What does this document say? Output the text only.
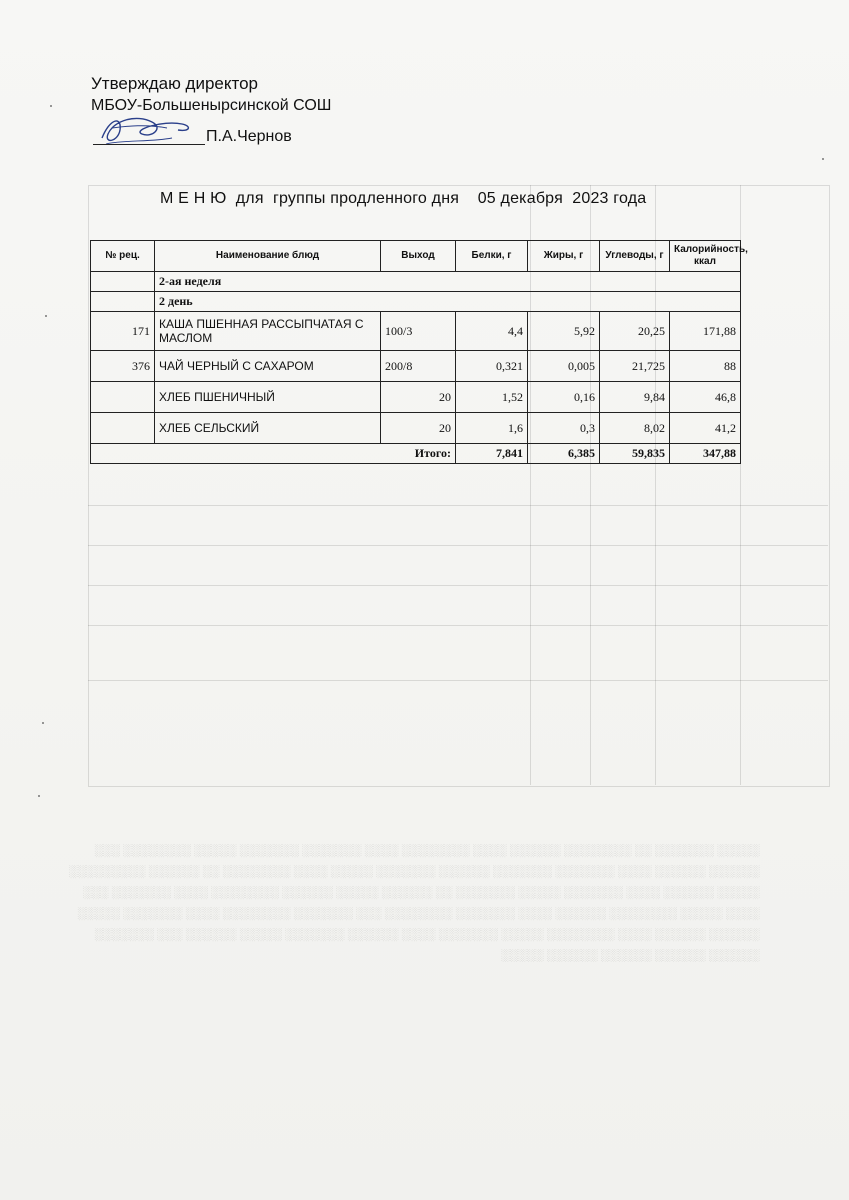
░░░░░ ░░░░░░░ ░░ ░░░░░░░░ ░░░░░░ ░░░░ ░░░░░░░░ ░░░░ ░░░░░░░ ░░░░░░░ ░░░░░ ░░░░░░░░ ░░░ ░░░░░░ ░░░░░░ ░░░░ ░░░░░░░ ░░░░░░░ ░░░░░░ ░░░░░░░ ░░░░░ ░░░░ ░░░░░░░░ ░░ ░░░░░░ ░░░░░░░░░ ░░░░░ ░░░░░░ ░░░░ ░░░░░░░ ░░░░░ ░░░░░░░ ░░ ░░░░░░ ░░░░░ ░░░░░░ ░░░░░░░░ ░░░░ ░░░░░░░ ░░░ ░░░░ ░░░░░ ░░░░░░░░ ░░░░░░ ░░░░ ░░░░░░░ ░░░░░░░░ ░░░ ░░░░░░░ ░░░░░░░░ ░░░░ ░░░░░░░ ░░░░░ ░░░░░░ ░░░░░░ ░░░░ ░░░░░░░░ ░░░░░ ░░░░░░░ ░░░░ ░░░░░░ ░░░░░░░ ░░░░░ ░░░░░░ ░░░ ░░░░░░░ ░░░░░░ ░░░░░░ ░░░░░░ ░░░░░░ ░░░░░
Утверждаю директор
МБОУ-Большенырсинской СОШ
П.А.Чернов
М Е Н Ю  для  группы продленного дня    05 декабря  2023 года
№ рец.	Наименование блюд	Выход	Белки, г	Жиры, г	Углеводы, г	Калорийность, ккал
	2-ая неделя					
	2 день					
171	КАША ПШЕННАЯ РАССЫПЧАТАЯ С МАСЛОМ	100/3	4,4	5,92	20,25	171,88
376	ЧАЙ ЧЕРНЫЙ С САХАРОМ	200/8	0,321	0,005	21,725	88
	ХЛЕБ ПШЕНИЧНЫЙ	20	1,52	0,16	9,84	46,8
	ХЛЕБ СЕЛЬСКИЙ	20	1,6	0,3	8,02	41,2
Итого:			7,841	6,385	59,835	347,88
